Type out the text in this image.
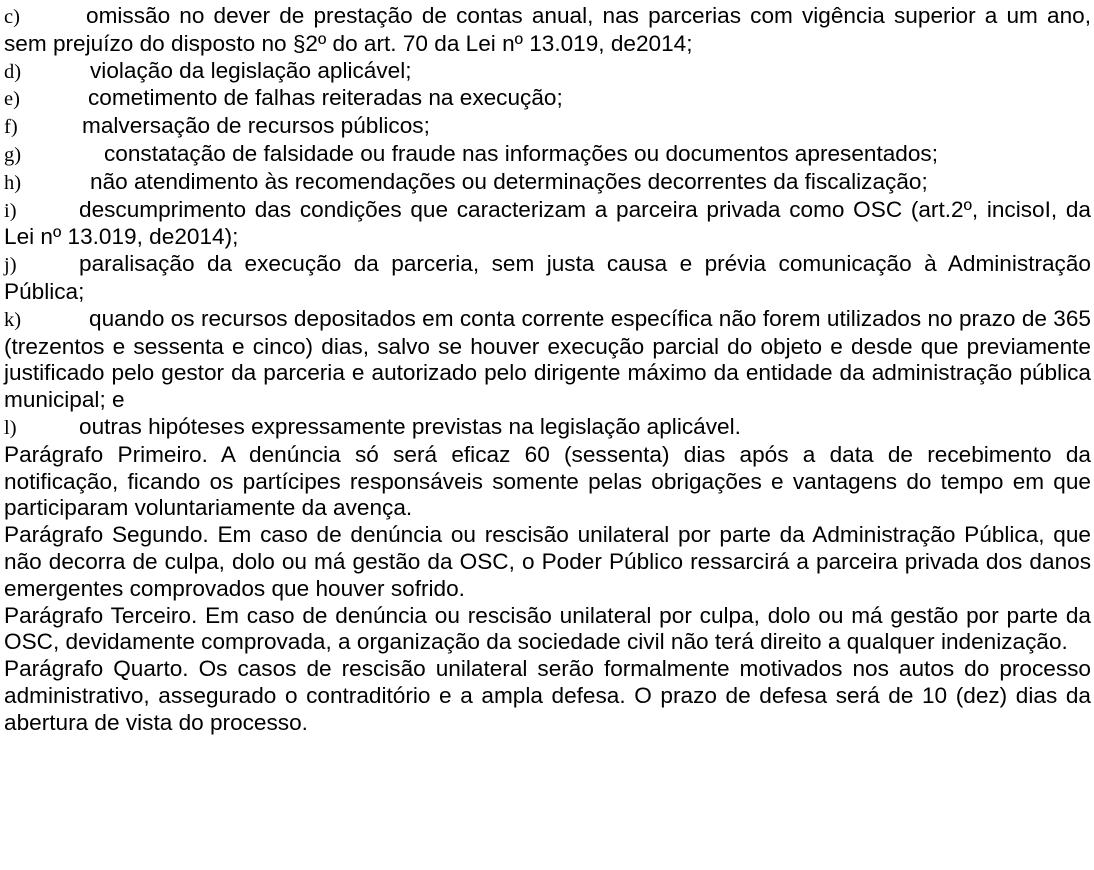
c)	omissão no dever de prestação de contas anual, nas parcerias com vigência superior a um ano, sem prejuízo do disposto no §2º do art. 70 da Lei nº 13.019, de2014;
d)	violação da legislação aplicável;
e)	cometimento de falhas reiteradas na execução;
f)	malversação de recursos públicos;
g)	constatação de falsidade ou fraude nas informações ou documentos apresentados;
h)	não atendimento às recomendações ou determinações decorrentes da fiscalização;
i)	descumprimento das condições que caracterizam a parceira privada como OSC (art.2º, incisoI, da Lei nº 13.019, de2014);
j)	paralisação da execução da parceria, sem justa causa e prévia comunicação à Administração Pública;
k)	quando os recursos depositados em conta corrente específica não forem utilizados no prazo de 365 (trezentos e sessenta e cinco) dias, salvo se houver execução parcial do objeto e desde que previamente justificado pelo gestor da parceria e autorizado pelo dirigente máximo da entidade da administração pública municipal; e
l)	outras hipóteses expressamente previstas na legislação aplicável.
Parágrafo Primeiro. A denúncia só será eficaz 60 (sessenta) dias após a data de recebimento da notificação, ficando os partícipes responsáveis somente pelas obrigações e vantagens do tempo em que participaram voluntariamente da avença.
Parágrafo Segundo. Em caso de denúncia ou rescisão unilateral por parte da Administração Pública, que não decorra de culpa, dolo ou má gestão da OSC, o Poder Público ressarcirá a parceira privada dos danos emergentes comprovados que houver sofrido.
Parágrafo Terceiro. Em caso de denúncia ou rescisão unilateral por culpa, dolo ou má gestão por parte da OSC, devidamente comprovada, a organização da sociedade civil não terá direito a qualquer indenização.
Parágrafo Quarto. Os casos de rescisão unilateral serão formalmente motivados nos autos do processo administrativo, assegurado o contraditório e a ampla defesa. O prazo de defesa será de 10 (dez) dias da abertura de vista do processo.
